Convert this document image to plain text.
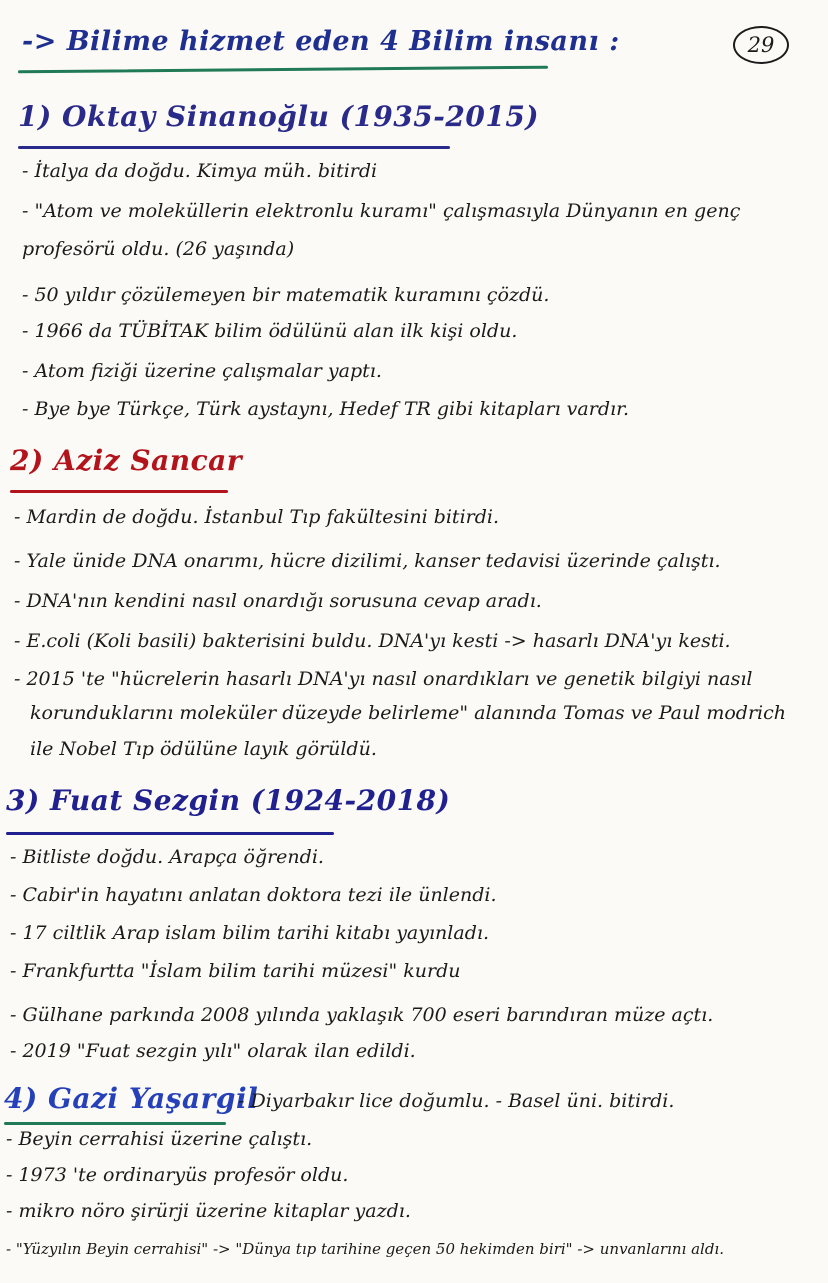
-> Bilime hizmet eden 4 Bilim insanı :	29
1) Oktay Sinanoğlu (1935-2015)
- İtalya da doğdu. Kimya müh. bitirdi
- "Atom ve moleküllerin elektronlu kuramı" çalışmasıyla Dünyanın en genç
profesörü oldu. (26 yaşında)
- 50 yıldır çözülemeyen bir matematik kuramını çözdü.
- 1966 da TÜBİTAK bilim ödülünü alan ilk kişi oldu.
- Atom fiziği üzerine çalışmalar yaptı.
- Bye bye Türkçe, Türk aystaynı, Hedef TR gibi kitapları vardır.
2) Aziz Sancar
- Mardin de doğdu. İstanbul Tıp fakültesini bitirdi.
- Yale ünide DNA onarımı, hücre dizilimi, kanser tedavisi üzerinde çalıştı.
- DNA'nın kendini nasıl onardığı sorusuna cevap aradı.
- E.coli (Koli basili) bakterisini buldu. DNA'yı kesti -> hasarlı DNA'yı kesti.
- 2015 'te "hücrelerin hasarlı DNA'yı nasıl onardıkları ve genetik bilgiyi nasıl
korunduklarını moleküler düzeyde belirleme" alanında Tomas ve Paul modrich
ile Nobel Tıp ödülüne layık görüldü.
3) Fuat Sezgin (1924-2018)
- Bitliste doğdu. Arapça öğrendi.
- Cabir'in hayatını anlatan doktora tezi ile ünlendi.
- 17 ciltlik Arap islam bilim tarihi kitabı yayınladı.
- Frankfurtta "İslam bilim tarihi müzesi" kurdu
- Gülhane parkında 2008 yılında yaklaşık 700 eseri barındıran müze açtı.
- 2019 "Fuat sezgin yılı" olarak ilan edildi.
4) Gazi Yaşargil
- Diyarbakır lice doğumlu. - Basel üni. bitirdi.
- Beyin cerrahisi üzerine çalıştı.
- 1973 'te ordinaryüs profesör oldu.
- mikro nöro şirürji üzerine kitaplar yazdı.
- "Yüzyılın Beyin cerrahisi" -> "Dünya tıp tarihine geçen 50 hekimden biri" -> unvanlarını aldı.
